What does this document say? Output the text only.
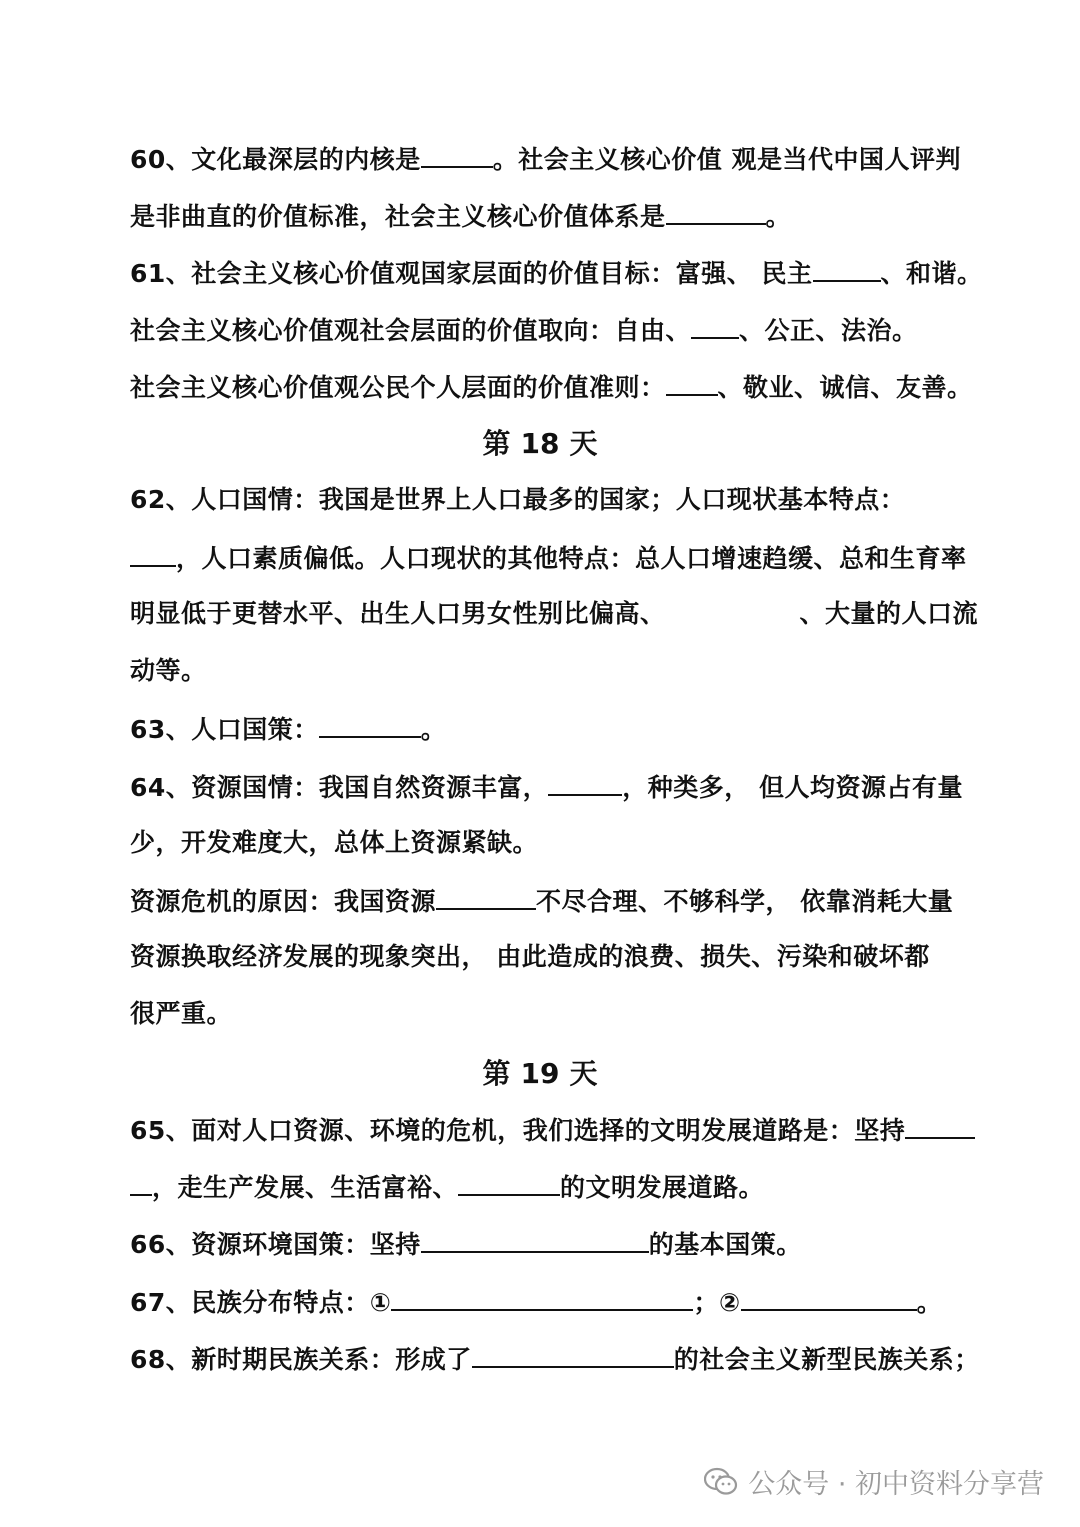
60、文化最深层的内核是	。社会主义核心价值 观是当代中国人评判
是非曲直的价值标准，社会主义核心价值体系是	。
61、社会主义核心价值观国家层面的价值目标：富强、 民主	、和谐。
社会主义核心价值观社会层面的价值取向：自由、 、公正、法治。
社会主义核心价值观公民个人层面的价值准则： 、敬业、诚信、友善。
第 18 天
62、人口国情：我国是世界上人口最多的国家；人口现状基本特点：
，人口素质偏低。人口现状的其他特点：总人口增速趋缓、总和生育率
明显低于更替水平、出生人口男女性别比偏高、	、大量的人口流
动等。
63、人口国策：	。
64、资源国情：我国自然资源丰富，	，种类多， 但人均资源占有量
少，开发难度大，总体上资源紧缺。
资源危机的原因：我国资源	不尽合理、不够科学， 依靠消耗大量
资源换取经济发展的现象突出， 由此造成的浪费、损失、污染和破坏都
很严重。
第 19 天
65、面对人口资源、环境的危机，我们选择的文明发展道路是：坚持
，走生产发展、生活富裕、	的文明发展道路。
66、资源环境国策：坚持	的基本国策。
67、民族分布特点：①	；②	。
68、新时期民族关系：形成了	的社会主义新型民族关系；
公众号 · 初中资料分享营
